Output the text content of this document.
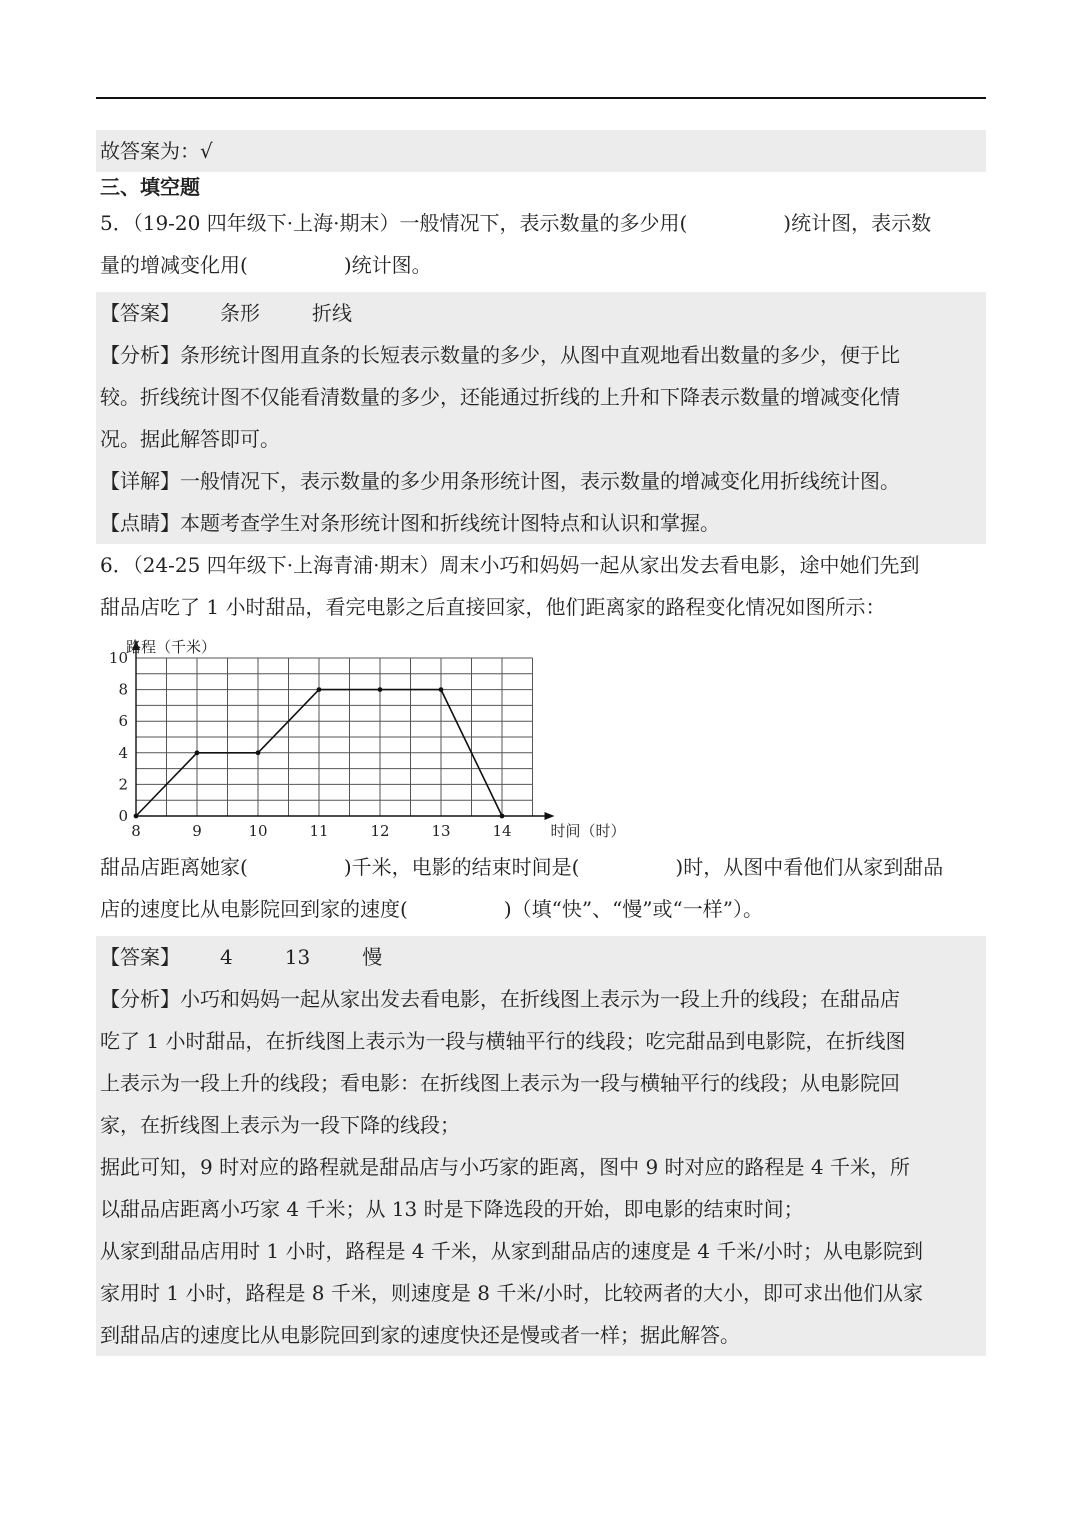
故答案为：√
三、填空题
5．（19-20 四年级下·上海·期末）一般情况下，表示数量的多少用(	)统计图，表示数
量的增减变化用(	)统计图。
【答案】 条形	折线
【分析】条形统计图用直条的长短表示数量的多少，从图中直观地看出数量的多少，便于比
较。折线统计图不仅能看清数量的多少，还能通过折线的上升和下降表示数量的增减变化情
况。据此解答即可。
【详解】一般情况下，表示数量的多少用条形统计图，表示数量的增减变化用折线统计图。
【点睛】本题考查学生对条形统计图和折线统计图特点和认识和掌握。
6．（24-25 四年级下·上海青浦·期末）周末小巧和妈妈一起从家出发去看电影，途中她们先到
甜品店吃了 1 小时甜品，看完电影之后直接回家，他们距离家的路程变化情况如图所示：
8	9	10	11	12	13	14
0
2
4
6
8
10
路程（千米）
时间（时）
甜品店距离她家(	)千米，电影的结束时间是(	)时，从图中看他们从家到甜品
店的速度比从电影院回到家的速度(	)（填“快”、“慢”或“一样”）。
【答案】 4	13	慢
【分析】小巧和妈妈一起从家出发去看电影，在折线图上表示为一段上升的线段；在甜品店
吃了 1 小时甜品，在折线图上表示为一段与横轴平行的线段；吃完甜品到电影院，在折线图
上表示为一段上升的线段；看电影：在折线图上表示为一段与横轴平行的线段；从电影院回
家，在折线图上表示为一段下降的线段；
据此可知，9 时对应的路程就是甜品店与小巧家的距离，图中 9 时对应的路程是 4 千米，所
以甜品店距离小巧家 4 千米；从 13 时是下降选段的开始，即电影的结束时间；
从家到甜品店用时 1 小时，路程是 4 千米，从家到甜品店的速度是 4 千米/小时；从电影院到
家用时 1 小时，路程是 8 千米，则速度是 8 千米/小时，比较两者的大小，即可求出他们从家
到甜品店的速度比从电影院回到家的速度快还是慢或者一样；据此解答。
